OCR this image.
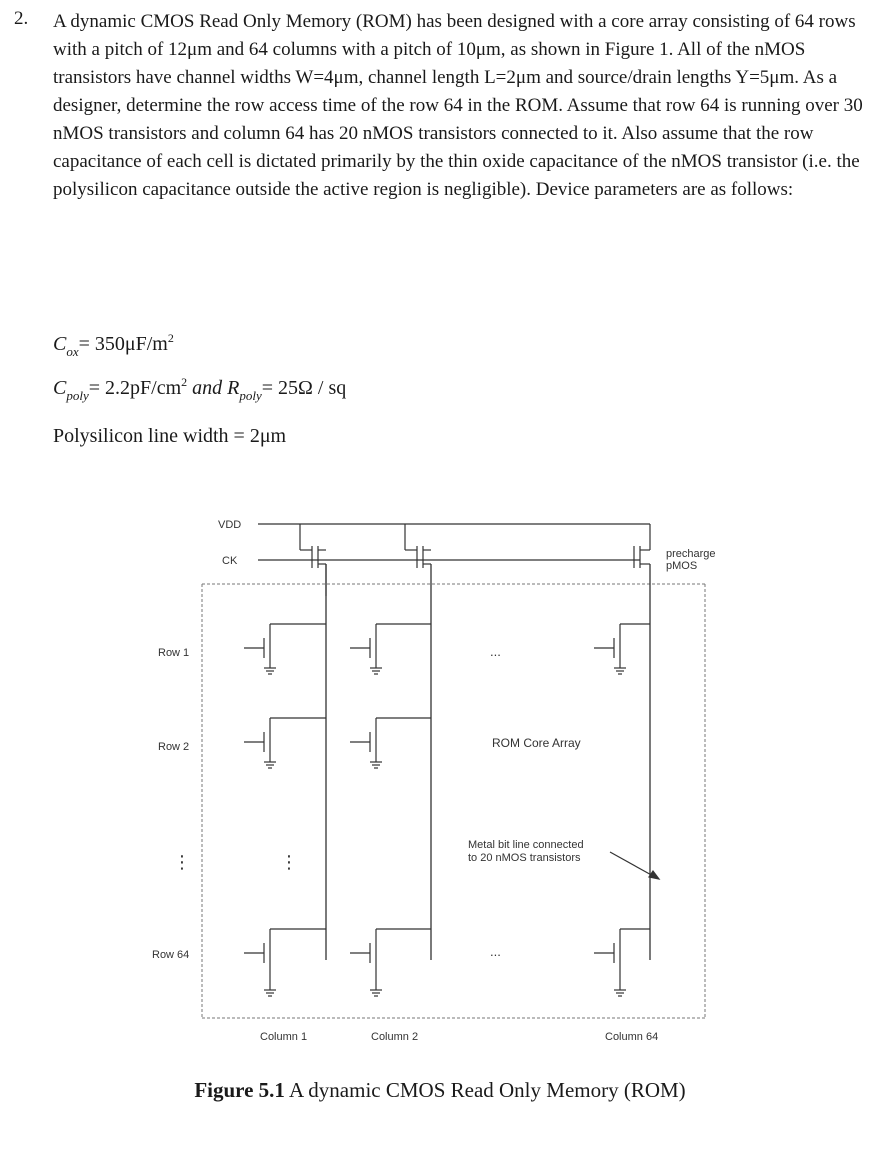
2. A dynamic CMOS Read Only Memory (ROM) has been designed with a core array consisting of 64 rows with a pitch of 12μm and 64 columns with a pitch of 10μm, as shown in Figure 1. All of the nMOS transistors have channel widths W=4μm, channel length L=2μm and source/drain lengths Y=5μm. As a designer, determine the row access time of the row 64 in the ROM. Assume that row 64 is running over 30 nMOS transistors and column 64 has 20 nMOS transistors connected to it. Also assume that the row capacitance of each cell is dictated primarily by the thin oxide capacitance of the nMOS transistor (i.e. the polysilicon capacitance outside the active region is negligible). Device parameters are as follows:

$C_{ox}= 350\mu F/m^2$
$C_{poly}= 2.2pF/cm^2$ and $R_{poly}= 25\Omega$ / sq
Polysilicon line width = 2μm
VDD
CK
precharge
pMOS
Row 1
Row 2
⋮	⋮
Row 64
...
...
ROM Core Array
Metal bit line connected
to 20 nMOS transistors
Column 1	Column 2	Column 64
Figure 5.1 A dynamic CMOS Read Only Memory (ROM)
